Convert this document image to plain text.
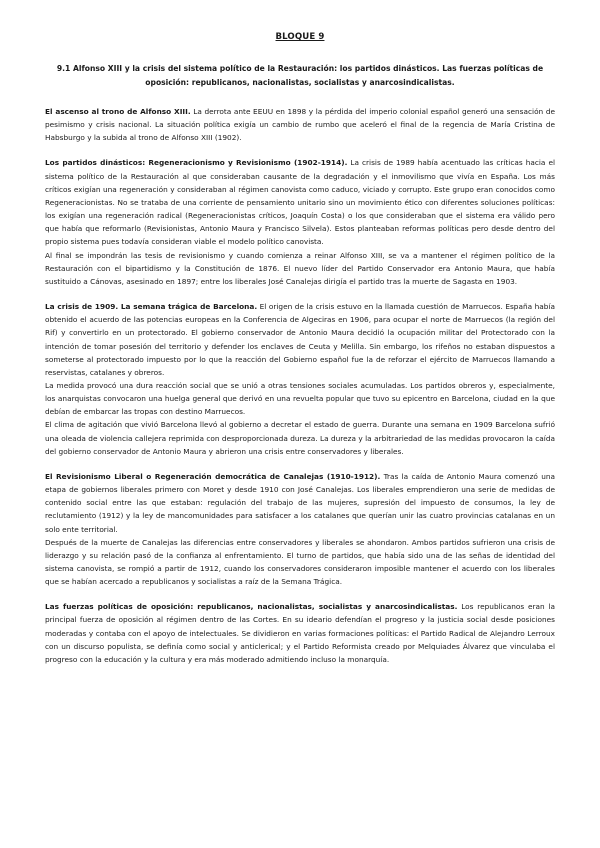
BLOQUE 9
9.1 Alfonso XIII y la crisis del sistema político de la Restauración: los partidos dinásticos. Las fuerzas políticas de oposición: republicanos, nacionalistas, socialistas y anarcosindicalistas.

El ascenso al trono de Alfonso XIII. La derrota ante EEUU en 1898 y la pérdida del imperio colonial español generó una sensación de pesimismo y crisis nacional. La situación política exigía un cambio de rumbo que aceleró el final de la regencia de María Cristina de Habsburgo y la subida al trono de Alfonso XIII (1902).

Los partidos dinásticos: Regeneracionismo y Revisionismo (1902-1914). La crisis de 1989 había acentuado las críticas hacia el sistema político de la Restauración al que consideraban causante de la degradación y el inmovilismo que vivía en España. Los más críticos exigían una regeneración y consideraban al régimen canovista como caduco, viciado y corrupto. Este grupo eran conocidos como Regeneracionistas. No se trataba de una corriente de pensamiento unitario sino un movimiento ético con diferentes soluciones políticas: los exigían una regeneración radical (Regeneracionistas críticos, Joaquín Costa) o los que consideraban que el sistema era válido pero que había que reformarlo (Revisionistas, Antonio Maura y Francisco Silvela). Estos planteaban reformas políticas pero desde dentro del propio sistema pues todavía consideran viable el modelo político canovista.

Al final se impondrán las tesis de revisionismo y cuando comienza a reinar Alfonso XIII, se va a mantener el régimen político de la Restauración con el bipartidismo y la Constitución de 1876. El nuevo líder del Partido Conservador era Antonio Maura, que había sustituido a Cánovas, asesinado en 1897; entre los liberales José Canalejas dirigía el partido tras la muerte de Sagasta en 1903.

La crisis de 1909. La semana trágica de Barcelona. El origen de la crisis estuvo en la llamada cuestión de Marruecos. España había obtenido el acuerdo de las potencias europeas en la Conferencia de Algeciras en 1906, para ocupar el norte de Marruecos (la región del Rif) y convertirlo en un protectorado. El gobierno conservador de Antonio Maura decidió la ocupación militar del Protectorado con la intención de tomar posesión del territorio y defender los enclaves de Ceuta y Melilla. Sin embargo, los rifeños no estaban dispuestos a someterse al protectorado impuesto por lo que la reacción del Gobierno español fue la de reforzar el ejército de Marruecos llamando a reservistas, catalanes y obreros.

La medida provocó una dura reacción social que se unió a otras tensiones sociales acumuladas. Los partidos obreros y, especialmente, los anarquistas convocaron una huelga general que derivó en una revuelta popular que tuvo su epicentro en Barcelona, ciudad en la que debían de embarcar las tropas con destino Marruecos.

El clima de agitación que vivió Barcelona llevó al gobierno a decretar el estado de guerra. Durante una semana en 1909 Barcelona sufrió una oleada de violencia callejera reprimida con desproporcionada dureza. La dureza y la arbitrariedad de las medidas provocaron la caída del gobierno conservador de Antonio Maura y abrieron una crisis entre conservadores y liberales.

El Revisionismo Liberal o Regeneración democrática de Canalejas (1910-1912). Tras la caída de Antonio Maura comenzó una etapa de gobiernos liberales primero con Moret y desde 1910 con José Canalejas. Los liberales emprendieron una serie de medidas de contenido social entre las que estaban: regulación del trabajo de las mujeres, supresión del impuesto de consumos, la ley de reclutamiento (1912) y la ley de mancomunidades para satisfacer a los catalanes que querían unir las cuatro provincias catalanas en un solo ente territorial.

Después de la muerte de Canalejas las diferencias entre conservadores y liberales se ahondaron. Ambos partidos sufrieron una crisis de liderazgo y su relación pasó de la confianza al enfrentamiento. El turno de partidos, que había sido una de las señas de identidad del sistema canovista, se rompió a partir de 1912, cuando los conservadores consideraron imposible mantener el acuerdo con los liberales que se habían acercado a republicanos y socialistas a raíz de la Semana Trágica.

Las fuerzas políticas de oposición: republicanos, nacionalistas, socialistas y anarcosindicalistas. Los republicanos eran la principal fuerza de oposición al régimen dentro de las Cortes. En su ideario defendían el progreso y la justicia social desde posiciones moderadas y contaba con el apoyo de intelectuales. Se dividieron en varias formaciones políticas: el Partido Radical de Alejandro Lerroux con un discurso populista, se definía como social y anticlerical; y el Partido Reformista creado por Melquiades Álvarez que vinculaba el progreso con la educación y la cultura y era más moderado admitiendo incluso la monarquía.
